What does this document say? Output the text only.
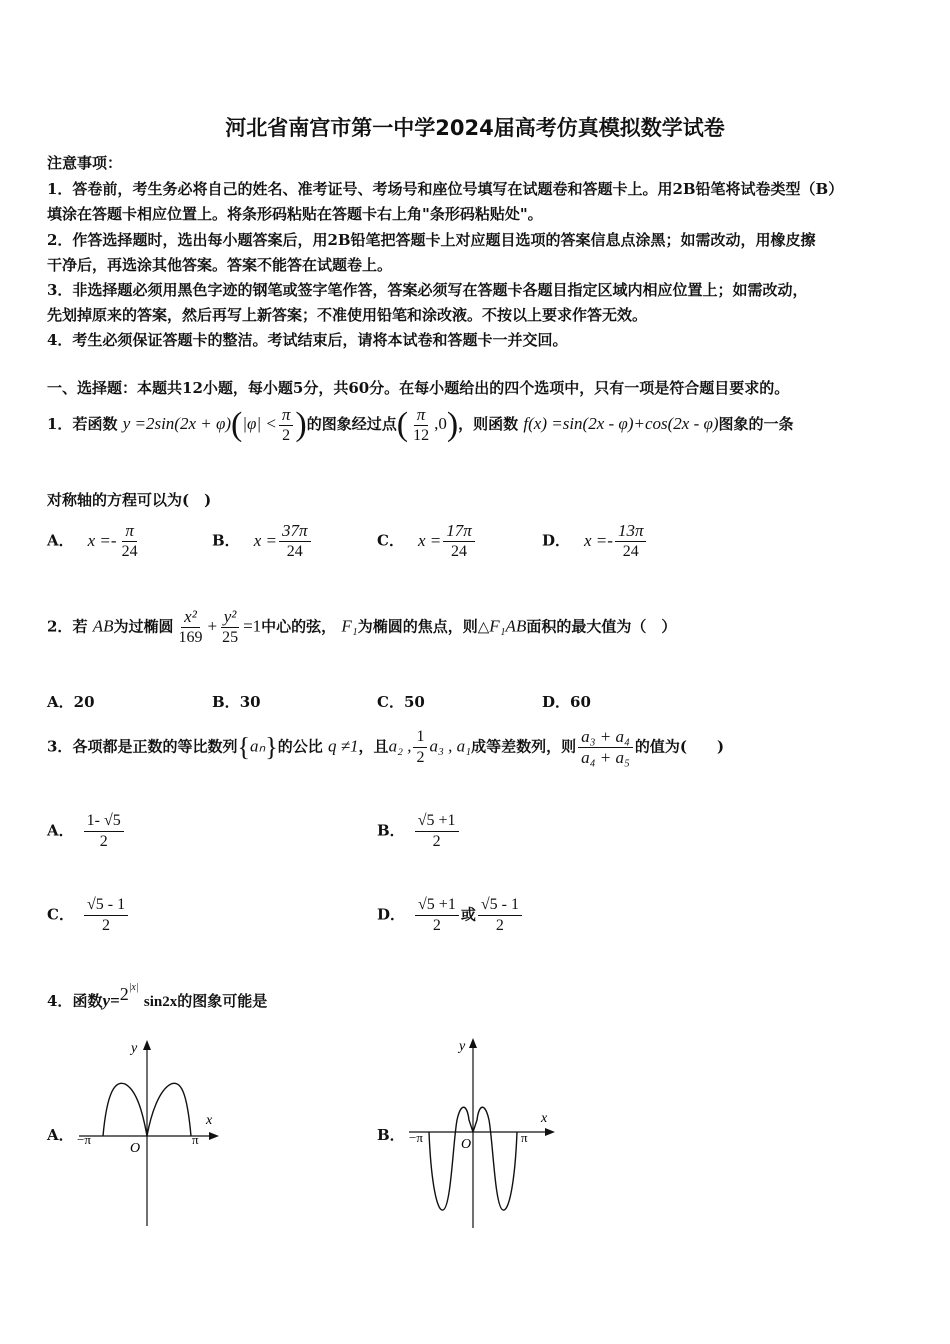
河北省南宫市第一中学2024届高考仿真模拟数学试卷
注意事项：
1．答卷前，考生务必将自己的姓名、准考证号、考场号和座位号填写在试题卷和答题卡上。用2B铅笔将试卷类型（B）
填涂在答题卡相应位置上。将条形码粘贴在答题卡右上角"条形码粘贴处"。
2．作答选择题时，选出每小题答案后，用2B铅笔把答题卡上对应题目选项的答案信息点涂黑；如需改动，用橡皮擦
干净后，再选涂其他答案。答案不能答在试题卷上。
3．非选择题必须用黑色字迹的钢笔或签字笔作答，答案必须写在答题卡各题目指定区域内相应位置上；如需改动，
先划掉原来的答案，然后再写上新答案；不准使用铅笔和涂改液。不按以上要求作答无效。
4．考生必须保证答题卡的整洁。考试结束后，请将本试卷和答题卡一并交回。
一、选择题：本题共12小题，每小题5分，共60分。在每小题给出的四个选项中，只有一项是符合题目要求的。
1．若函数 $y =2\sin(2x + \varphi)(|\varphi| < \frac{\pi}{2}$ )的图象经过点( $\frac{\pi}{12} ,0$)，则函数 f(x) =sin(2x - φ)+cos(2x - φ)图象的一条
对称轴的方程可以为(　)
A． $x =- \frac{\pi}{24}$	B． $x = \frac{37\pi}{24}$	C． $x = \frac{17\pi}{24}$	D． $x =- \frac{13\pi}{24}$
2．若 AB为过椭圆 $\frac{\text{x²}}{169} + \frac{\text{y²}}{25} =1$中心的弦， F₁为椭圆的焦点，则△F₁AB面积的最大值为（　）
A．20	B．30	C．50	D．60
3．各项都是正数的等比数列{aₙ}的公比 q ≠1，且a₂ , $\frac{1}{2} a_3$ , a₁成等差数列，则 $\frac{\text{a₃ + a₄}}{\text{a₄ + a₅}}$ 的值为(　　)
A． $\frac{1- √5}{2}$	B． $\frac{√5 +1}{2}$
C． $\frac{√5 - 1}{2}$	D． $\frac{√5 +1}{2}$ 或 $\frac{√5 - 1}{2}$
4．函数$y=2^{|x|}$ sin2x的图象可能是
A．
x
y
O
−π	π	B．
x
y
O
−π	π
